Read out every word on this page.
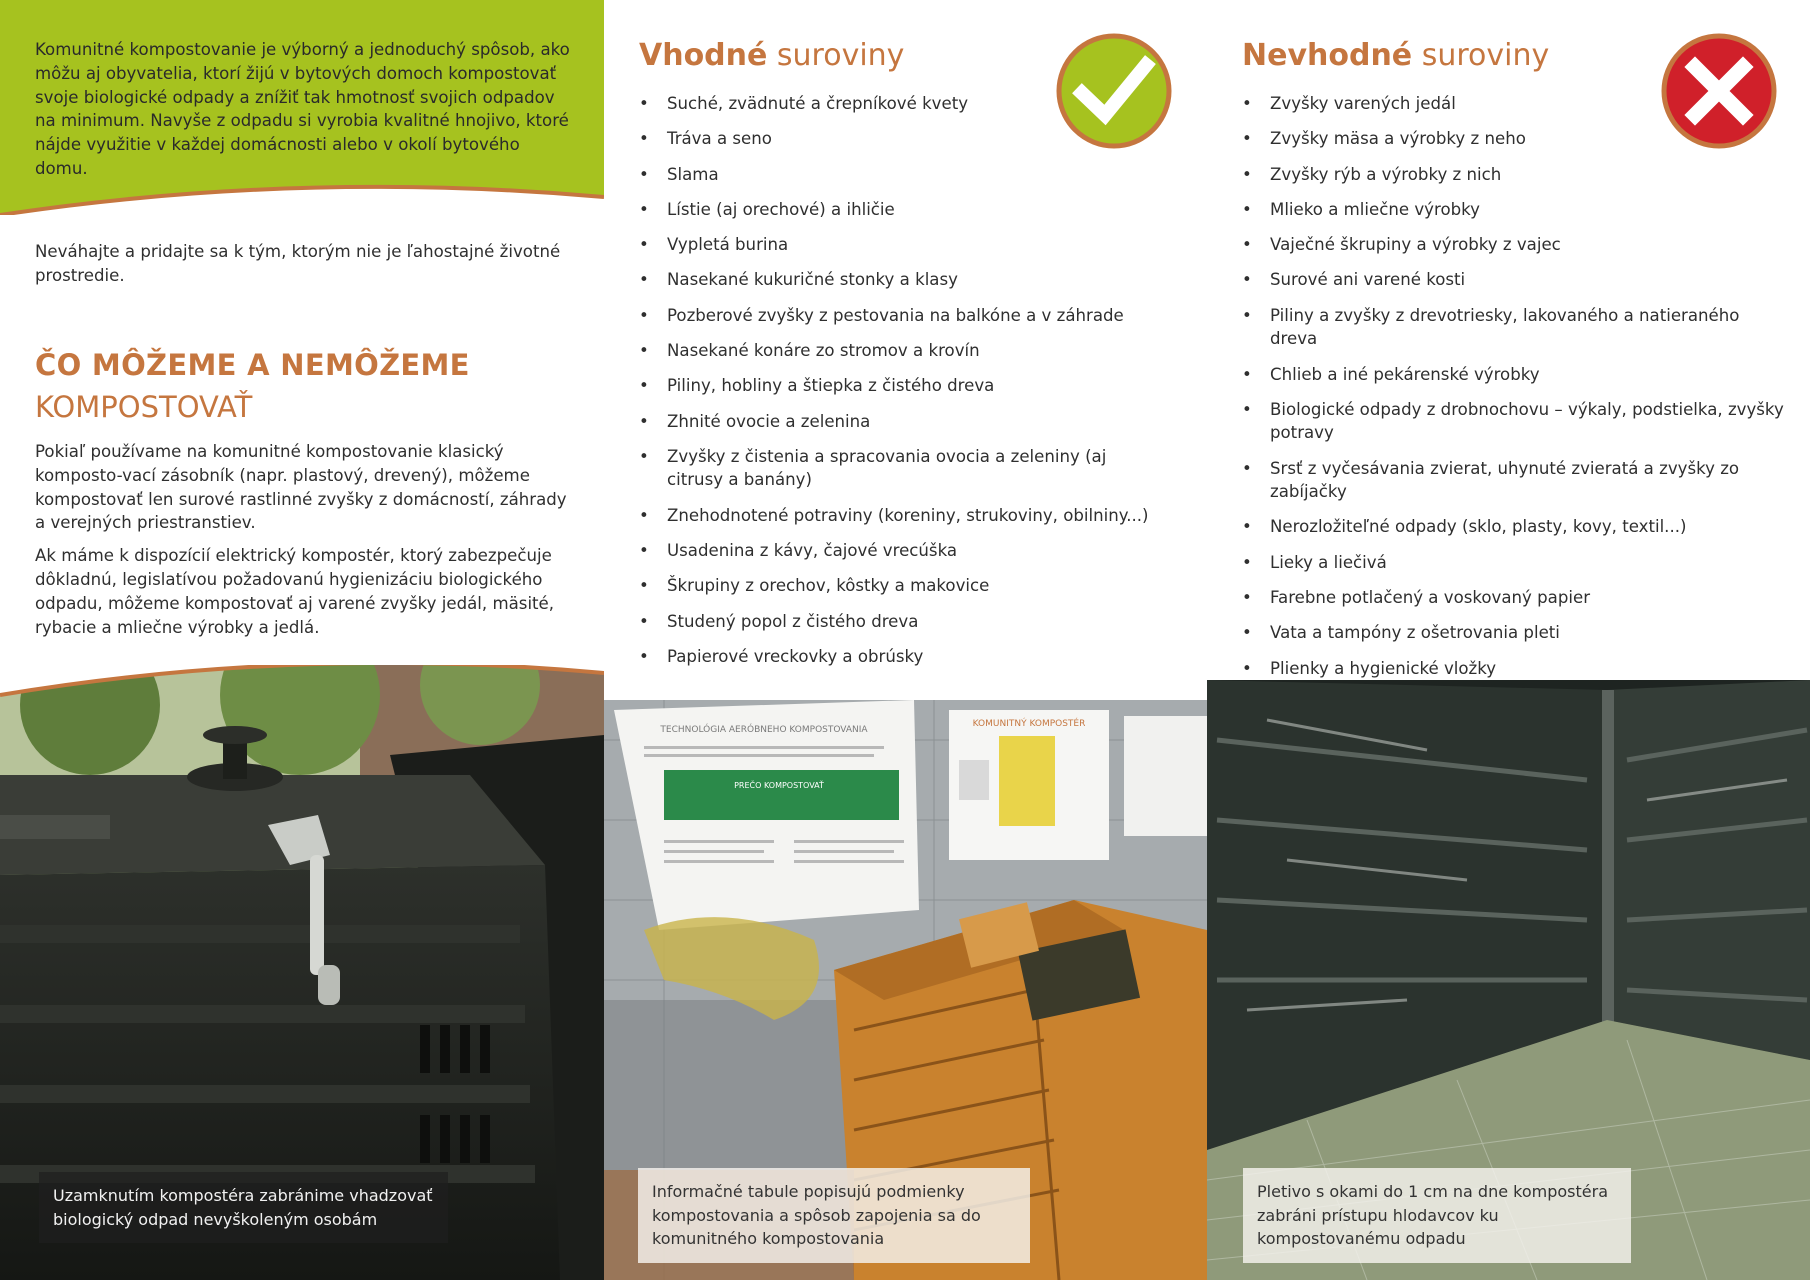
Komunitné kompostovanie je výborný a jednoduchý spôsob, ako môžu aj obyvatelia, ktorí žijú v bytových domoch kompostovať svoje biologické odpady a znížiť tak hmotnosť svojich odpadov na minimum. Navyše z odpadu si vyrobia kvalitné hnojivo, ktoré nájde využitie v každej domácnosti alebo v okolí bytového domu.
Neváhajte a pridajte sa k tým, ktorým nie je ľahostajné životné prostredie.
ČO MÔŽEME A NEMÔŽEME
KOMPOSTOVAŤ

Pokiaľ používame na komunitné kompostovanie klasický komposto-vací zásobník (napr. plastový, drevený), môžeme kompostovať len surové rastlinné zvyšky z domácností, záhrady a verejných priestranstiev.

Ak máme k dispozícií elektrický kompostér, ktorý zabezpečuje dôkladnú, legislatívou požadovanú hygienizáciu biologického odpadu, môžeme kompostovať aj varené zvyšky jedál, mäsité, rybacie a mliečne výrobky a jedlá.

Uzamknutím kompostéra zabránime vhadzovať biologický odpad nevyškoleným osobám
Vhodné suroviny
• Suché, zvädnuté a črepníkové kvety
• Tráva a seno
• Slama
• Lístie (aj orechové) a ihličie
• Vypletá burina
• Nasekané kukuričné stonky a klasy
• Pozberové zvyšky z pestovania na balkóne a v záhrade
• Nasekané konáre zo stromov a krovín
• Piliny, hobliny a štiepka z čistého dreva
• Zhnité ovocie a zelenina
• Zvyšky z čistenia a spracovania ovocia a zeleniny (aj citrusy a banány)
• Znehodnotené potraviny (koreniny, strukoviny, obilniny...)
• Usadenina z kávy, čajové vrecúška
• Škrupiny z orechov, kôstky a makovice
• Studený popol z čistého dreva
• Papierové vreckovky a obrúsky
TECHNOLÓGIA AERÓBNEHO KOMPOSTOVANIA
PREČO KOMPOSTOVAŤ
KOMUNITNÝ KOMPOSTÉR
Informačné tabule popisujú podmienky kompostovania a spôsob zapojenia sa do komunitného kompostovania
Nevhodné suroviny
• Zvyšky varených jedál
• Zvyšky mäsa a výrobky z neho
• Zvyšky rýb a výrobky z nich
• Mlieko a mliečne výrobky
• Vaječné škrupiny a výrobky z vajec
• Surové ani varené kosti
• Piliny a zvyšky z drevotriesky, lakovaného a natieraného dreva
• Chlieb a iné pekárenské výrobky
• Biologické odpady z drobnochovu – výkaly, podstielka, zvyšky potravy
• Srsť z vyčesávania zvierat, uhynuté zvieratá a zvyšky zo zabíjačky
• Nerozložiteľné odpady (sklo, plasty, kovy, textil...)
• Lieky a liečivá
• Farebne potlačený a voskovaný papier
• Vata a tampóny z ošetrovania pleti
• Plienky a hygienické vložky
Pletivo s okami do 1 cm na dne kompostéra zabráni prístupu hlodavcov ku kompostovanému odpadu
